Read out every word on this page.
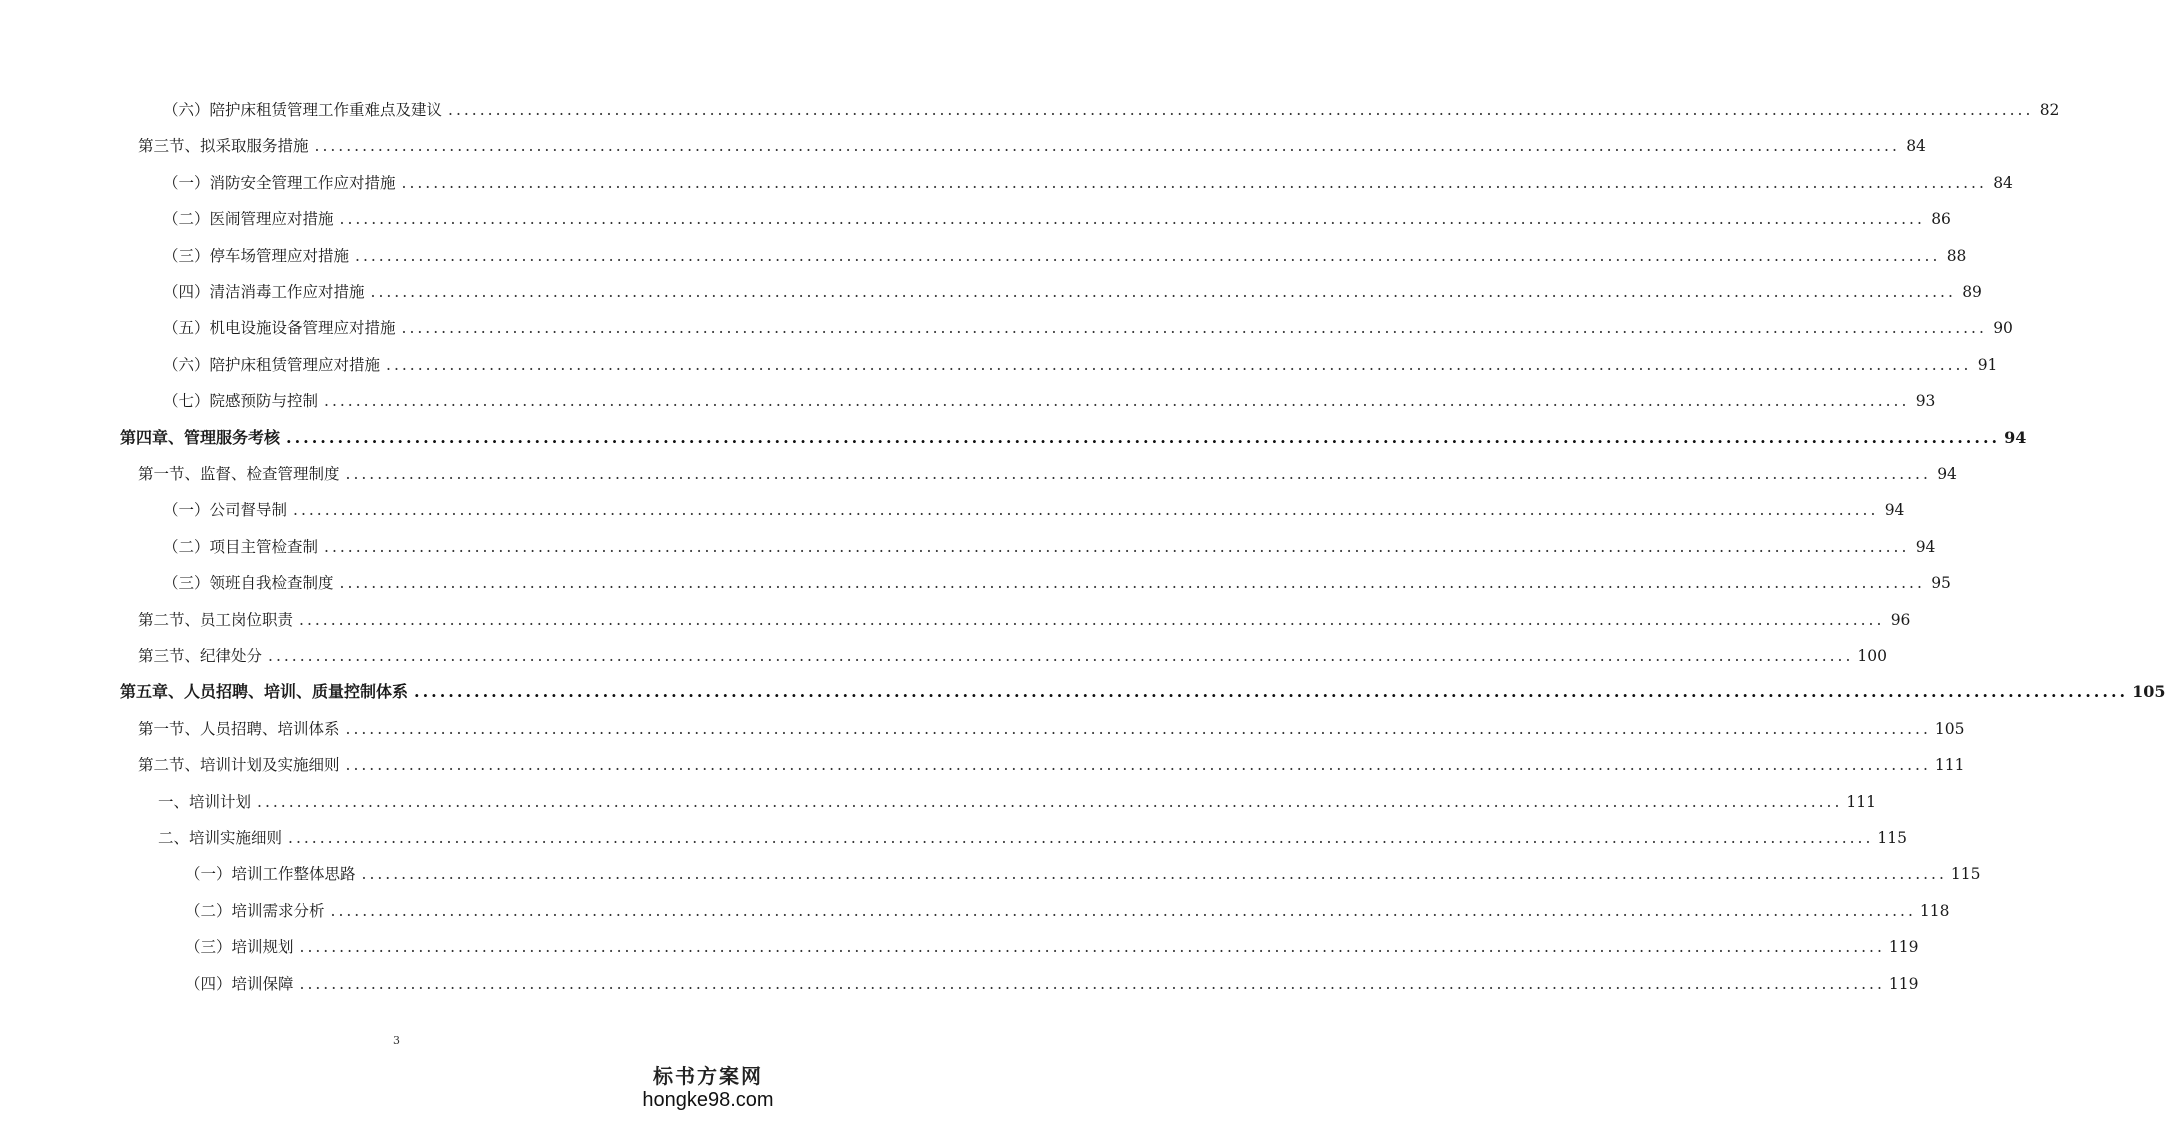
（六）陪护床租赁管理工作重难点及建议 ........................................................................................................................................................................................................ 82
第三节、拟采取服务措施 ........................................................................................................................................................................................................ 84
（一）消防安全管理工作应对措施 ........................................................................................................................................................................................................ 84
（二）医闹管理应对措施 ........................................................................................................................................................................................................ 86
（三）停车场管理应对措施 ........................................................................................................................................................................................................ 88
（四）清洁消毒工作应对措施 ........................................................................................................................................................................................................ 89
（五）机电设施设备管理应对措施 ........................................................................................................................................................................................................ 90
（六）陪护床租赁管理应对措施 ........................................................................................................................................................................................................ 91
（七）院感预防与控制 ........................................................................................................................................................................................................ 93
第四章、管理服务考核 ........................................................................................................................................................................................................ 94
第一节、监督、检查管理制度 ........................................................................................................................................................................................................ 94
（一）公司督导制 ........................................................................................................................................................................................................ 94
（二）项目主管检查制 ........................................................................................................................................................................................................ 94
（三）领班自我检查制度 ........................................................................................................................................................................................................ 95
第二节、员工岗位职责 ........................................................................................................................................................................................................ 96
第三节、纪律处分 ........................................................................................................................................................................................................ 100
第五章、人员招聘、培训、质量控制体系 ........................................................................................................................................................................................................ 105
第一节、人员招聘、培训体系 ........................................................................................................................................................................................................ 105
第二节、培训计划及实施细则 ........................................................................................................................................................................................................ 111
一、培训计划 ........................................................................................................................................................................................................ 111
二、培训实施细则 ........................................................................................................................................................................................................ 115
（一）培训工作整体思路 ........................................................................................................................................................................................................ 115
（二）培训需求分析 ........................................................................................................................................................................................................ 118
（三）培训规划 ........................................................................................................................................................................................................ 119
（四）培训保障 ........................................................................................................................................................................................................ 119
3
标书方案网
hongke98.com
